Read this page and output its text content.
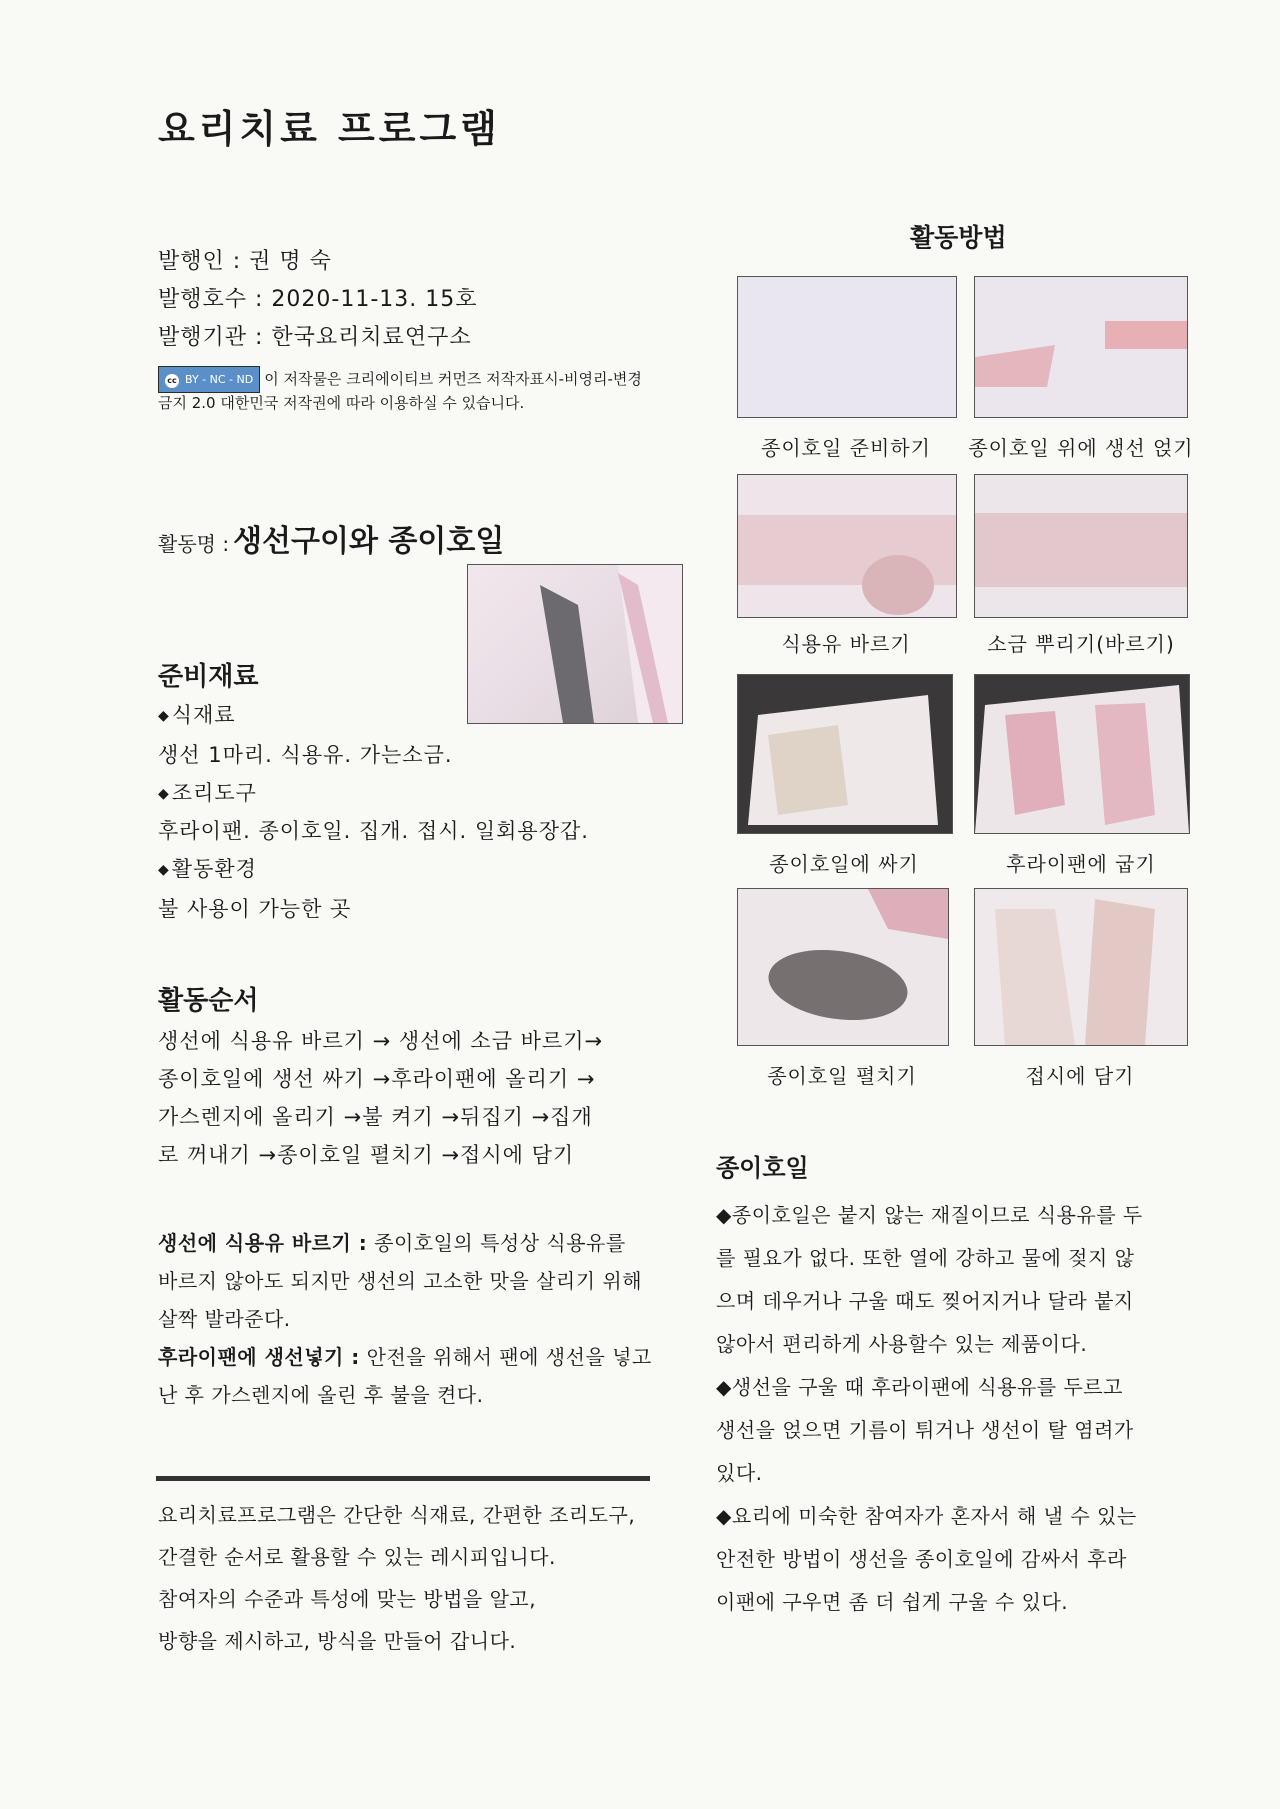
요리치료 프로그램
발행인 : 권 명 숙
발행호수 : 2020-11-13. 15호
발행기관 : 한국요리치료연구소
cc BY - NC - ND 이 저작물은 크리에이티브 커먼즈 저작자표시-비영리-변경금지 2.0 대한민국 저작권에 따라 이용하실 수 있습니다.
활동명 : 생선구이와 종이호일
준비재료
◆ 식재료
생선 1마리. 식용유. 가는소금.
◆ 조리도구
후라이팬. 종이호일. 집개. 접시. 일회용장갑.
◆ 활동환경
불 사용이 가능한 곳
활동순서
생선에 식용유 바르기 → 생선에 소금 바르기→
종이호일에 생선 싸기 →후라이팬에 올리기 →
가스렌지에 올리기 →불 켜기 →뒤집기 →집개
로 꺼내기 →종이호일 펼치기 →접시에 담기
생선에 식용유 바르기 : 종이호일의 특성상 식용유를 바르지 않아도 되지만 생선의 고소한 맛을 살리기 위해 살짝 발라준다.
후라이팬에 생선넣기 : 안전을 위해서 팬에 생선을 넣고 난 후 가스렌지에 올린 후 불을 켠다.
요리치료프로그램은 간단한 식재료, 간편한 조리도구,
간결한 순서로 활용할 수 있는 레시피입니다.
참여자의 수준과 특성에 맞는 방법을 알고,
방향을 제시하고, 방식을 만들어 갑니다.
활동방법
종이호일 준비하기	종이호일 위에 생선 얹기
식용유 바르기	소금 뿌리기(바르기)
종이호일에 싸기	후라이팬에 굽기
종이호일 펼치기	접시에 담기
종이호일
◆종이호일은 붙지 않는 재질이므로 식용유를 두
를 필요가 없다. 또한 열에 강하고 물에 젖지 않
으며 데우거나 구울 때도 찢어지거나 달라 붙지
않아서 편리하게 사용할수 있는 제품이다.
◆생선을 구울 때 후라이팬에 식용유를 두르고
생선을 얹으면 기름이 튀거나 생선이 탈 염려가
있다.
◆요리에 미숙한 참여자가 혼자서 해 낼 수 있는
안전한 방법이 생선을 종이호일에 감싸서 후라
이팬에 구우면 좀 더 쉽게 구울 수 있다.
